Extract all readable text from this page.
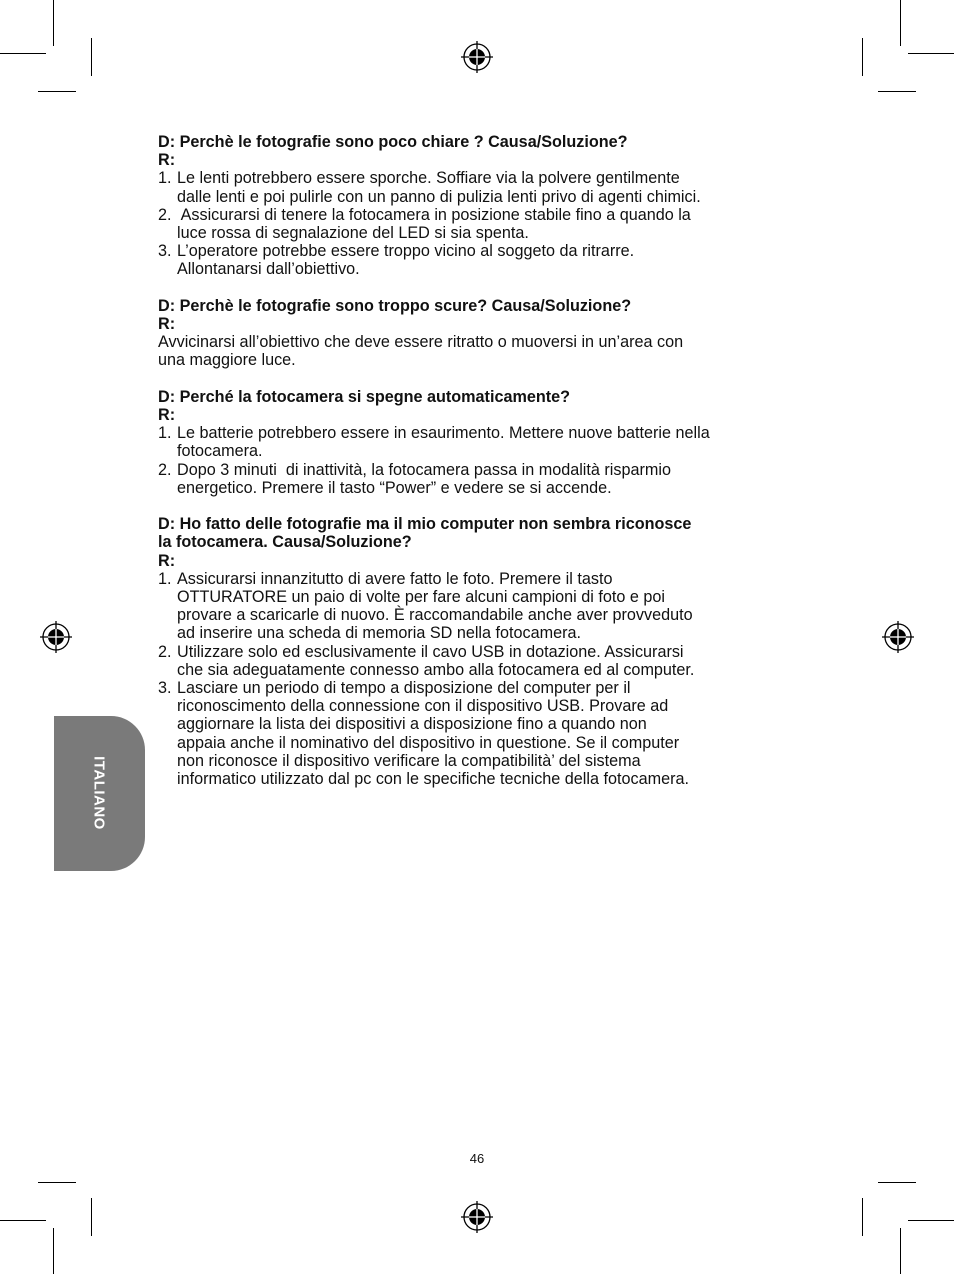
ITALIANO
D: Perchè le fotografie sono poco chiare ? Causa/Soluzione?
R:
1. Le lenti potrebbero essere sporche. Soffiare via la polvere gentilmente
dalle lenti e poi pulirle con un panno di pulizia lenti privo di agenti chimici.
2. Assicurarsi di tenere la fotocamera in posizione stabile fino a quando la
luce rossa di segnalazione del LED si sia spenta.
3. L’operatore potrebbe essere troppo vicino al soggeto da ritrarre.
Allontanarsi dall’obiettivo.
D: Perchè le fotografie sono troppo scure? Causa/Soluzione?
R:
Avvicinarsi all’obiettivo che deve essere ritratto o muoversi in un’area con
una maggiore luce.
D: Perché la fotocamera si spegne automaticamente?
R:
1. Le batterie potrebbero essere in esaurimento. Mettere nuove batterie nella
fotocamera.
2. Dopo 3 minuti  di inattività, la fotocamera passa in modalità risparmio
energetico. Premere il tasto “Power” e vedere se si accende.
D: Ho fatto delle fotografie ma il mio computer non sembra riconosce
la fotocamera. Causa/Soluzione?
R:
1. Assicurarsi innanzitutto di avere fatto le foto. Premere il tasto
OTTURATORE un paio di volte per fare alcuni campioni di foto e poi
provare a scaricarle di nuovo. È raccomandabile anche aver provveduto
ad inserire una scheda di memoria SD nella fotocamera.
2. Utilizzare solo ed esclusivamente il cavo USB in dotazione. Assicurarsi
che sia adeguatamente connesso ambo alla fotocamera ed al computer.
3. Lasciare un periodo di tempo a disposizione del computer per il
riconoscimento della connessione con il dispositivo USB. Provare ad
aggiornare la lista dei dispositivi a disposizione fino a quando non
appaia anche il nominativo del dispositivo in questione. Se il computer
non riconosce il dispositivo verificare la compatibilità’ del sistema
informatico utilizzato dal pc con le specifiche tecniche della fotocamera.
46
